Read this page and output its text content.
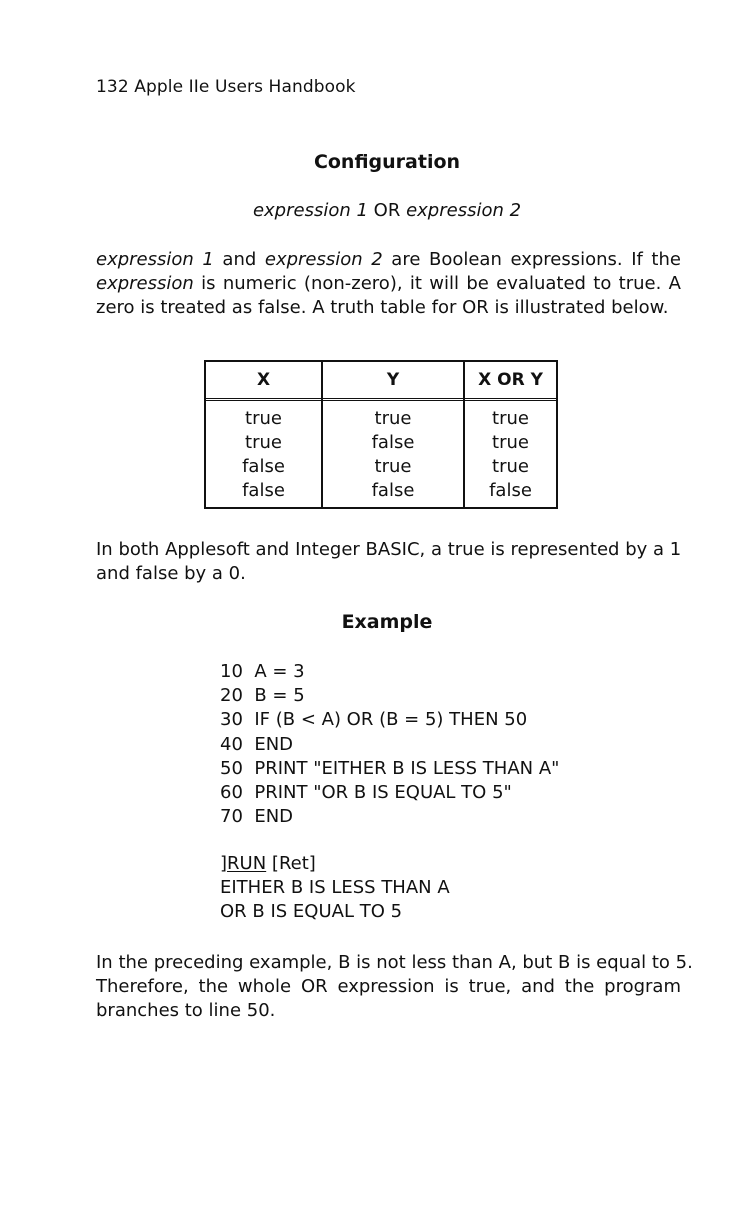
132 Apple IIe Users Handbook
Configuration
expression 1 OR expression 2
expression 1 and expression 2 are Boolean expressions. If the
expression is numeric (non-zero), it will be evaluated to true. A
zero is treated as false. A truth table for OR is illustrated below.
X
true
true
false
false
Y
true
false
true
false
X OR Y
true
true
true
false
In both Applesoft and Integer BASIC, a true is represented by a 1
and false by a 0.
Example
10  A = 3
20  B = 5
30  IF (B < A) OR (B = 5) THEN 50
40  END
50  PRINT "EITHER B IS LESS THAN A"
60  PRINT "OR B IS EQUAL TO 5"
70  END
]RUN [Ret]
EITHER B IS LESS THAN A
OR B IS EQUAL TO 5
In the preceding example, B is not less than A, but B is equal to 5.
Therefore, the whole OR expression is true, and the program
branches to line 50.
